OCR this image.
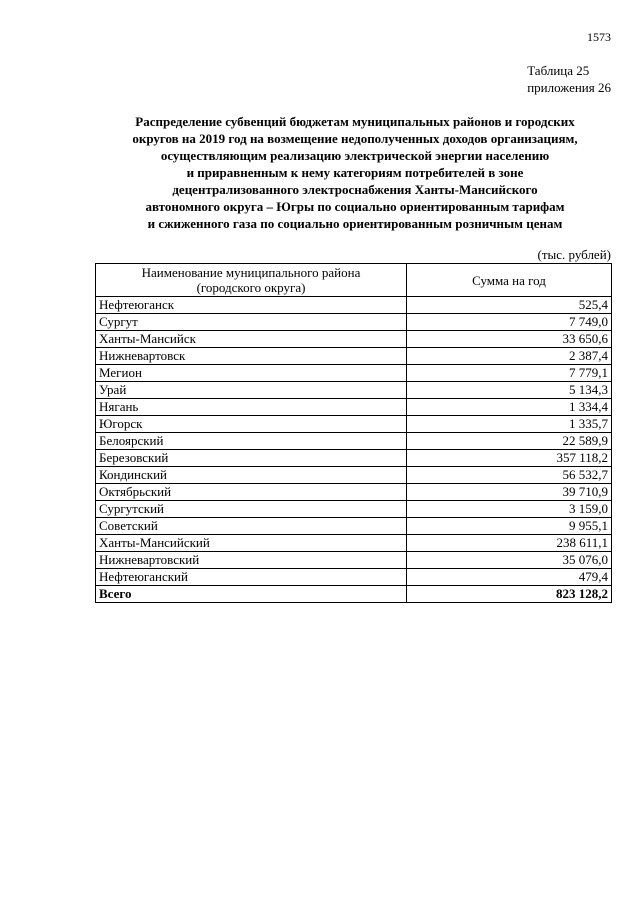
1573
Таблица 25
приложения 26
Распределение субвенций бюджетам муниципальных районов и городских
округов на 2019 год на возмещение недополученных доходов организациям,
осуществляющим реализацию электрической энергии населению
и приравненным к нему категориям потребителей в зоне
децентрализованного электроснабжения Ханты-Мансийского
автономного округа – Югры по социально ориентированным тарифам
и сжиженного газа по социально ориентированным розничным ценам
(тыс. рублей)
Наименование муниципального района
(городского округа)	Сумма на год
Нефтеюганск	525,4
Сургут	7 749,0
Ханты-Мансийск	33 650,6
Нижневартовск	2 387,4
Мегион	7 779,1
Урай	5 134,3
Нягань	1 334,4
Югорск	1 335,7
Белоярский	22 589,9
Березовский	357 118,2
Кондинский	56 532,7
Октябрьский	39 710,9
Сургутский	3 159,0
Советский	9 955,1
Ханты-Мансийский	238 611,1
Нижневартовский	35 076,0
Нефтеюганский	479,4
Всего	823 128,2
